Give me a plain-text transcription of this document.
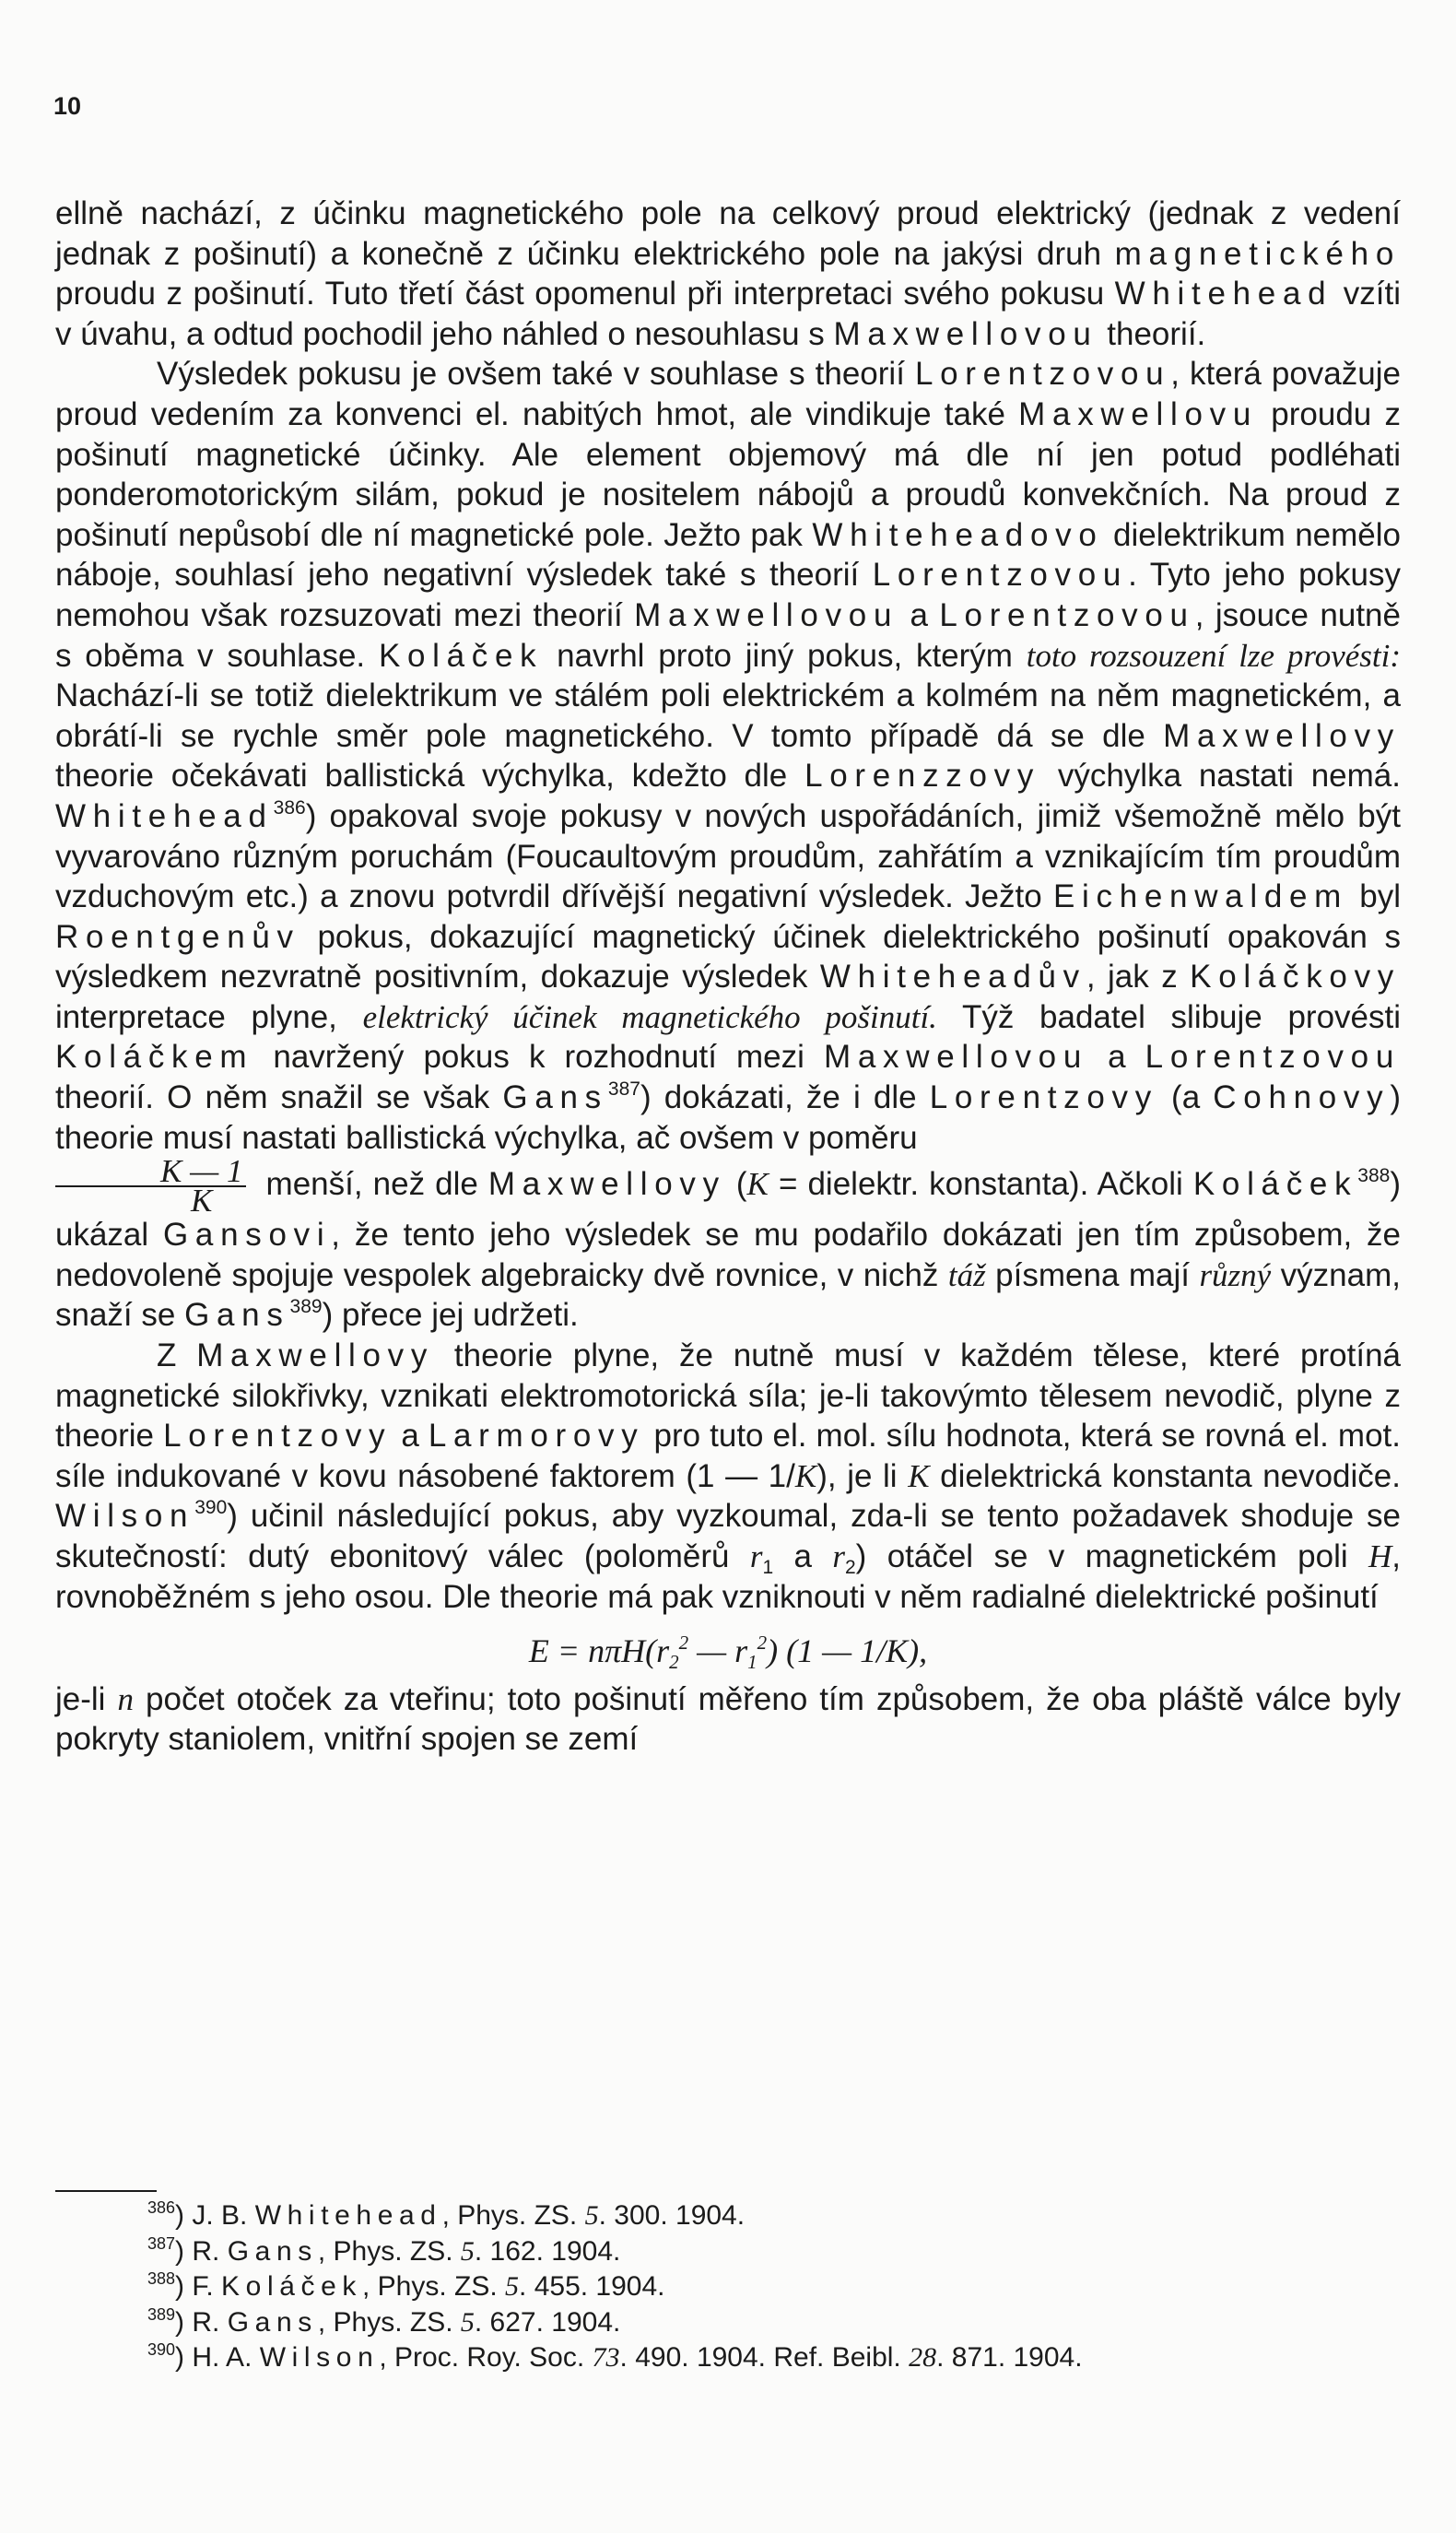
10

ellně nachází, z účinku magnetického pole na celkový proud elektrický (jednak z vedení jednak z pošinutí) a konečně z účinku elektrického pole na jakýsi druh magnetického proudu z pošinutí. Tuto třetí část opomenul při interpretaci svého pokusu Whitehead vzíti v úvahu, a odtud pochodil jeho náhled o nesouhlasu s Maxwellovou theorií.

Výsledek pokusu je ovšem také v souhlase s theorií Lorentzovou, která považuje proud vedením za konvenci el. nabitých hmot, ale vindikuje také Maxwellovu proudu z pošinutí magnetické účinky. Ale element objemový má dle ní jen potud podléhati ponderomotorickým silám, pokud je nositelem nábojů a proudů konvekčních. Na proud z pošinutí nepůsobí dle ní magnetické pole. Ježto pak Whiteheadovo dielektrikum nemělo náboje, souhlasí jeho negativní výsledek také s theorií Lorentzovou. Tyto jeho pokusy nemohou však rozsuzovati mezi theorií Maxwellovou a Lorentzovou, jsouce nutně s oběma v souhlase. Koláček navrhl proto jiný pokus, kterým toto rozsouzení lze provésti: Nachází-li se totiž dielektrikum ve stálém poli elektrickém a kolmém na něm magnetickém, a obrátí-li se rychle směr pole magnetického. V tomto případě dá se dle Maxwellovy theorie očekávati ballistická výchylka, kdežto dle Lorenzzovy výchylka nastati nemá. Whitehead$^{386}$) opakoval svoje pokusy v nových uspořádáních, jimiž všemožně mělo být vyvarováno různým poruchám (Foucaultovým proudům, zahřátím a vznikajícím tím proudům vzduchovým etc.) a znovu potvrdil dřívější negativní výsledek. Ježto Eichenwaldem byl Roentgenův pokus, dokazující magnetický účinek dielektrického pošinutí opakován s výsledkem nezvratně positivním, dokazuje výsledek Whiteheadův, jak z Koláčkovy interpretace plyne, elektrický účinek magnetického pošinutí. Týž badatel slibuje provésti Koláčkem navržený pokus k rozhodnutí mezi Maxwellovou a Lorentzovou theorií. O něm snažil se však Gans$^{387}$) dokázati, že i dle Lorentzovy (a Cohnovy) theorie musí nastati ballistická výchylka, ač ovšem v poměru

$\frac{K — 1}{K}$ menší, než dle Maxwellovy (K = dielektr. konstanta). Ačkoli Koláček$^{388}$) ukázal Gansovi, že tento jeho výsledek se mu podařilo dokázati jen tím způsobem, že nedovoleně spojuje vespolek algebraicky dvě rovnice, v nichž táž písmena mají různý význam, snaží se Gans$^{389}$) přece jej udržeti.

Z Maxwellovy theorie plyne, že nutně musí v každém tělese, které protíná magnetické silokřivky, vznikati elektromotorická síla; je-li takovýmto tělesem nevodič, plyne z theorie Lorentzovy a Larmorovy pro tuto el. mol. sílu hodnota, která se rovná el. mot. síle indukované v kovu násobené faktorem (1 — 1/K), je li K dielektrická konstanta nevodiče. Wilson$^{390}$) učinil následující pokus, aby vyzkoumal, zda-li se tento požadavek shoduje se skutečností: dutý ebonitový válec (poloměrů $r_1$ a $r_2$) otáčel se v magnetickém poli H, rovnoběžném s jeho osou. Dle theorie má pak vzniknouti v něm radialné dielektrické pošinutí

$E = n\pi H(r_2^2$ — $r_1^2$) (1 — 1/K),

je-li n počet otoček za vteřinu; toto pošinutí měřeno tím způsobem, že oba pláště válce byly pokryty staniolem, vnitřní spojen se zemí

$^{386}$) J. B. Whitehead, Phys. ZS. 5. 300. 1904.
$^{387}$) R. Gans, Phys. ZS. 5. 162. 1904.
$^{388}$) F. Koláček, Phys. ZS. 5. 455. 1904.
$^{389}$) R. Gans, Phys. ZS. 5. 627. 1904.
$^{390}$) H. A. Wilson, Proc. Roy. Soc. 73. 490. 1904. Ref. Beibl. 28. 871. 1904.
